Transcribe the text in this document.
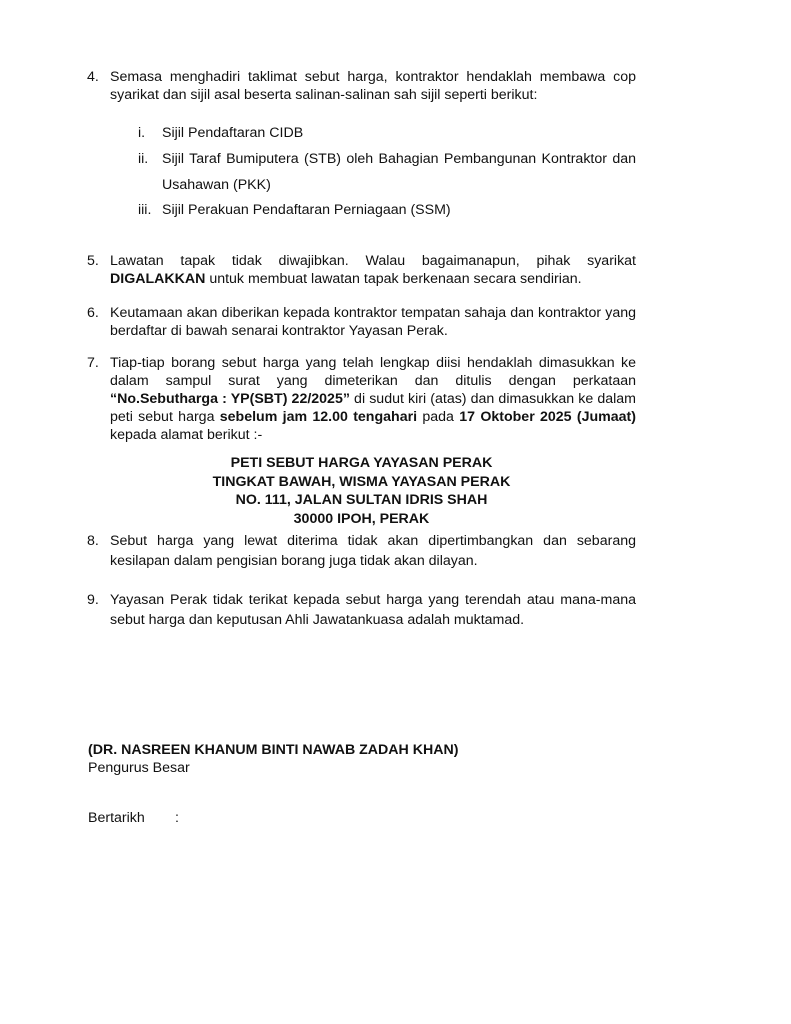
4. Semasa menghadiri taklimat sebut harga, kontraktor hendaklah membawa cop syarikat dan sijil asal beserta salinan-salinan sah sijil seperti berikut:
i.	Sijil Pendaftaran CIDB
ii. Sijil Taraf Bumiputera (STB) oleh Bahagian Pembangunan Kontraktor dan Usahawan (PKK)
iii. Sijil Perakuan Pendaftaran Perniagaan (SSM)
5. Lawatan tapak tidak diwajibkan. Walau bagaimanapun, pihak syarikat DIGALAKKAN untuk membuat lawatan tapak berkenaan secara sendirian.
6. Keutamaan akan diberikan kepada kontraktor tempatan sahaja dan kontraktor yang berdaftar di bawah senarai kontraktor Yayasan Perak.
7. Tiap-tiap borang sebut harga yang telah lengkap diisi hendaklah dimasukkan ke dalam sampul surat yang dimeterikan dan ditulis dengan perkataan “No.Sebutharga : YP(SBT) 22/2025” di sudut kiri (atas) dan dimasukkan ke dalam peti sebut harga sebelum jam 12.00 tengahari pada 17 Oktober 2025 (Jumaat) kepada alamat berikut :-
PETI SEBUT HARGA YAYASAN PERAK
TINGKAT BAWAH, WISMA YAYASAN PERAK
NO. 111, JALAN SULTAN IDRIS SHAH
30000 IPOH, PERAK
8. Sebut harga yang lewat diterima tidak akan dipertimbangkan dan sebarang kesilapan dalam pengisian borang juga tidak akan dilayan.
9. Yayasan Perak tidak terikat kepada sebut harga yang terendah atau mana-mana sebut harga dan keputusan Ahli Jawatankuasa adalah muktamad.
(DR. NASREEN KHANUM BINTI NAWAB ZADAH KHAN)
Pengurus Besar
Bertarikh :
